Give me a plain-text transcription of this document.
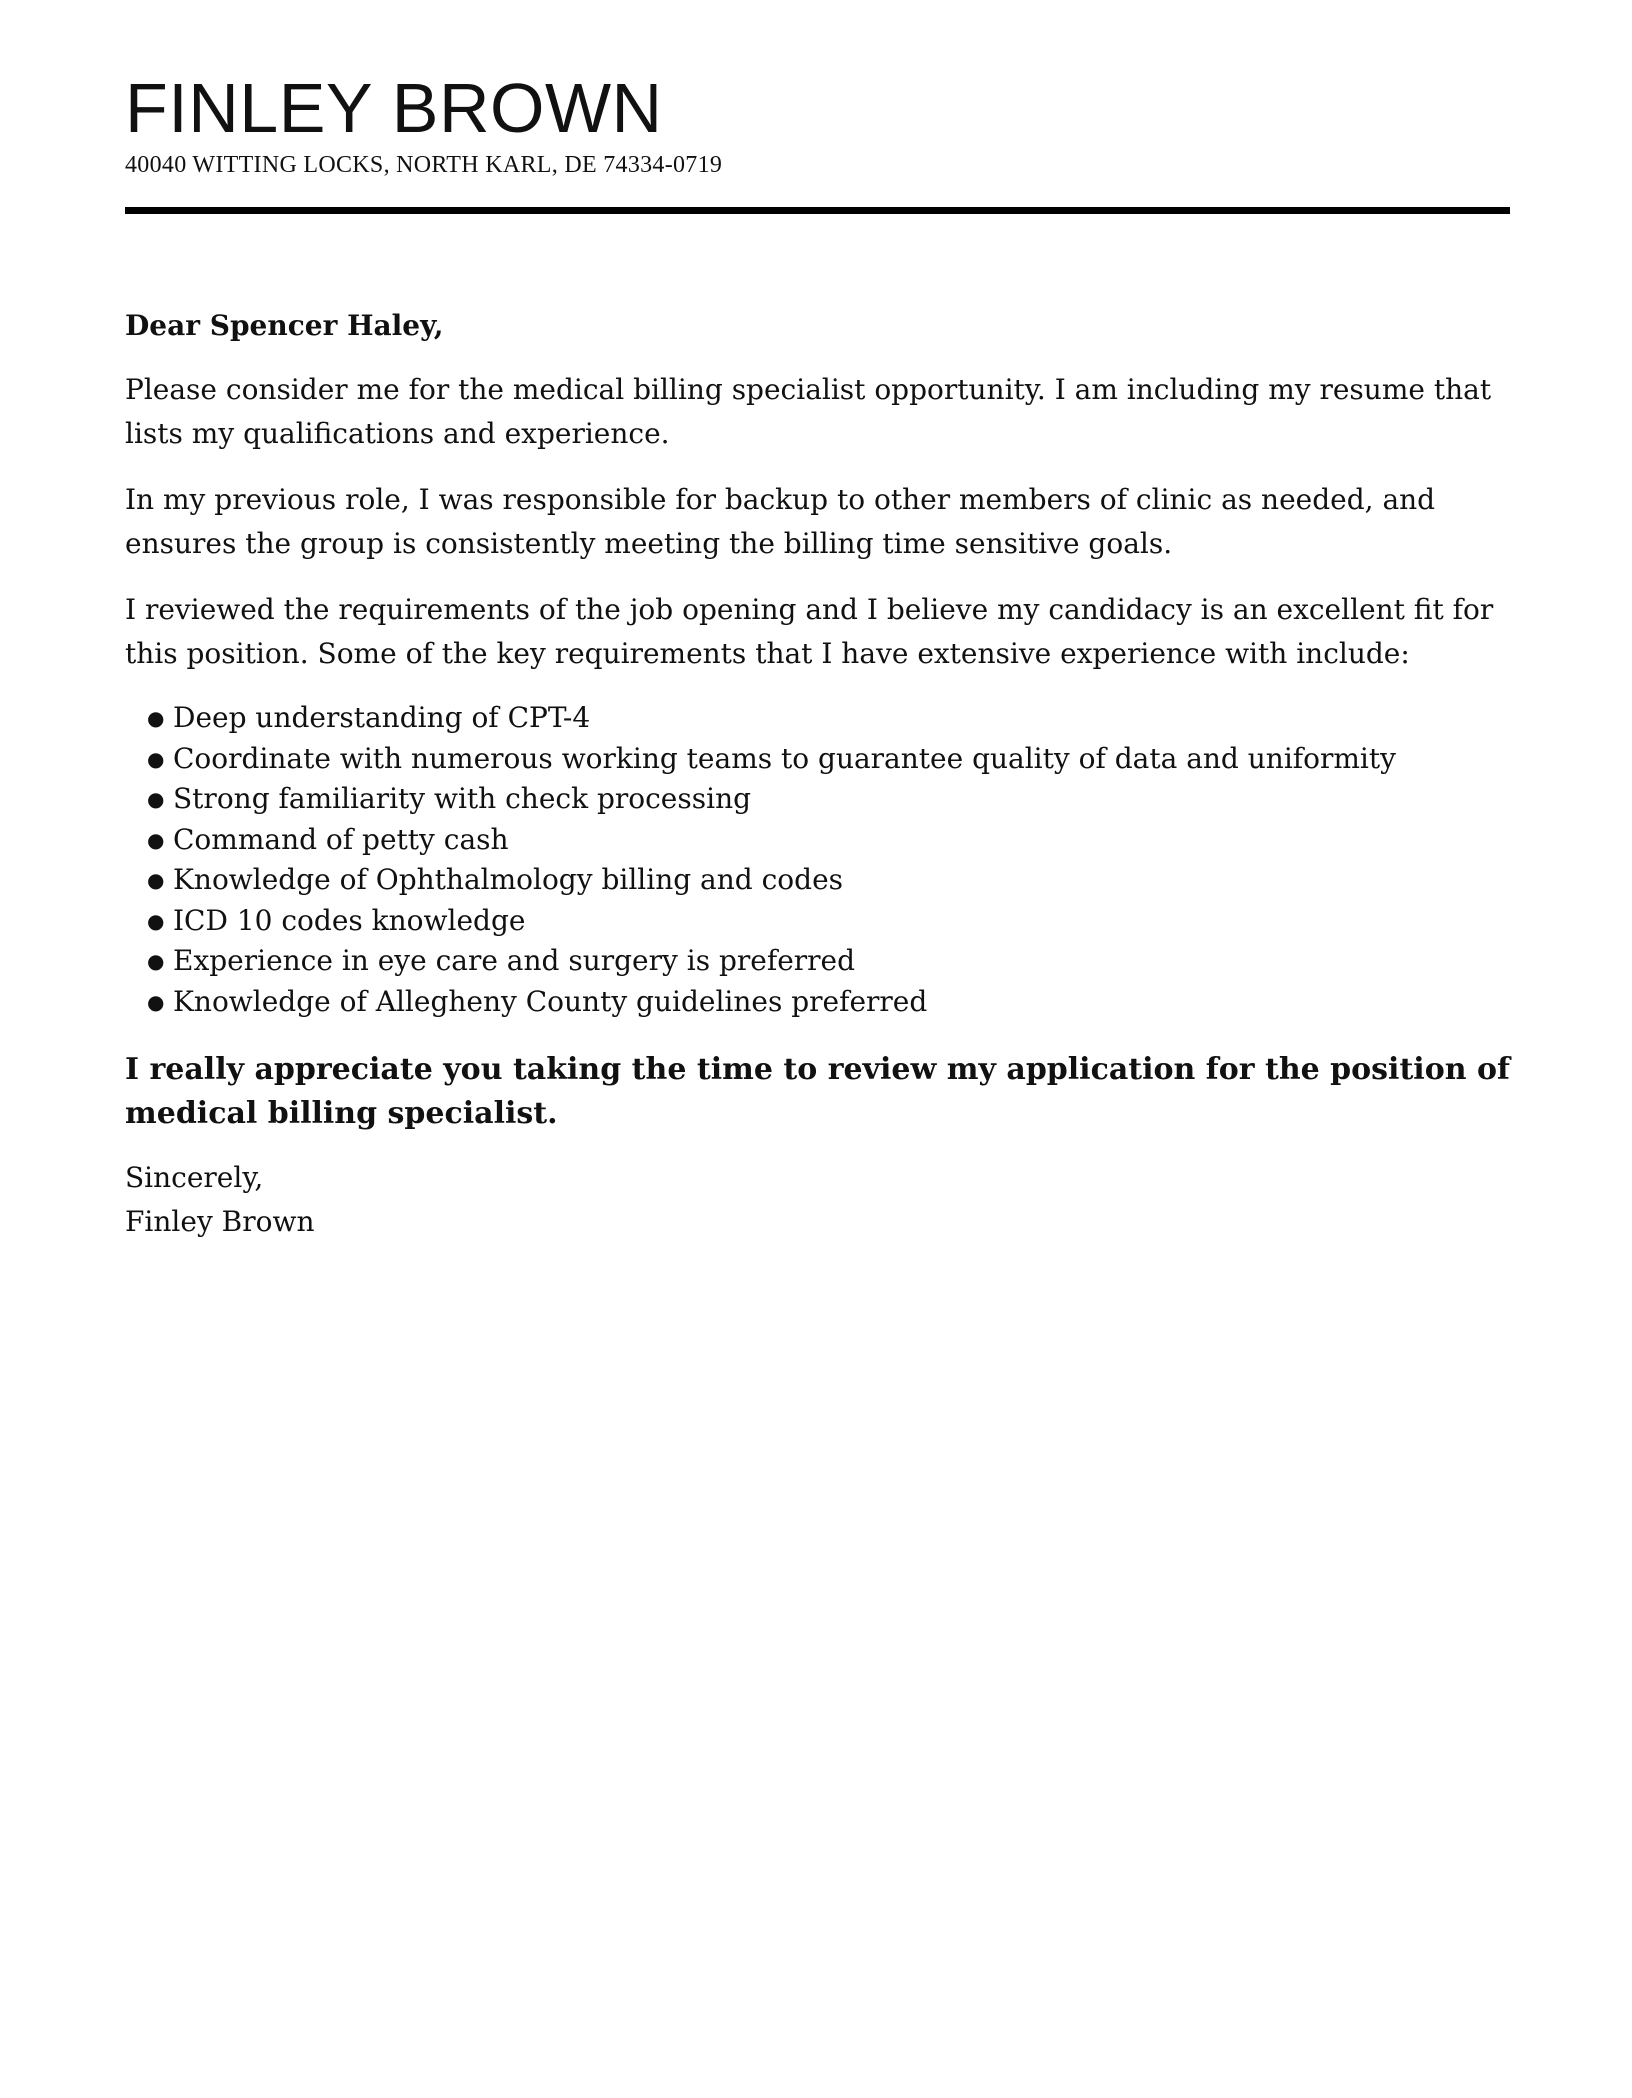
FINLEY BROWN
40040 WITTING LOCKS, NORTH KARL, DE 74334-0719

Dear Spencer Haley,

Please consider me for the medical billing specialist opportunity. I am including my resume that lists my qualifications and experience.

In my previous role, I was responsible for backup to other members of clinic as needed, and ensures the group is consistently meeting the billing time sensitive goals.

I reviewed the requirements of the job opening and I believe my candidacy is an excellent fit for this position. Some of the key requirements that I have extensive experience with include:

● Deep understanding of CPT-4
● Coordinate with numerous working teams to guarantee quality of data and uniformity
● Strong familiarity with check processing
● Command of petty cash
● Knowledge of Ophthalmology billing and codes
● ICD 10 codes knowledge
● Experience in eye care and surgery is preferred
● Knowledge of Allegheny County guidelines preferred

I really appreciate you taking the time to review my application for the position of medical billing specialist.

Sincerely,

Finley Brown
